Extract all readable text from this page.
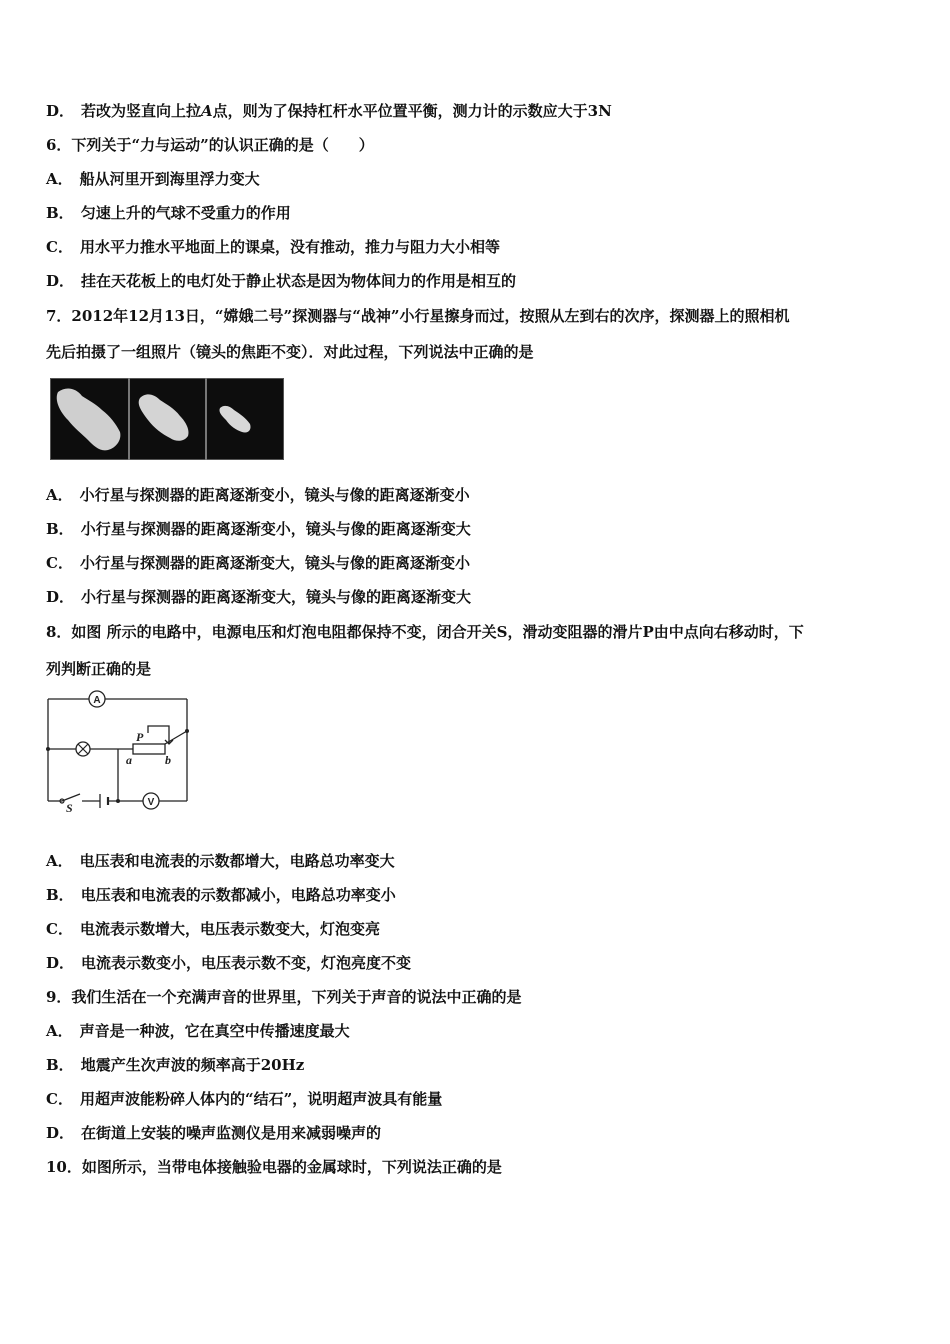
D． 若改为竖直向上拉A点，则为了保持杠杆水平位置平衡，测力计的示数应大于3N
6．下列关于“力与运动”的认识正确的是（　　）
A． 船从河里开到海里浮力变大
B． 匀速上升的气球不受重力的作用
C． 用水平力推水平地面上的课桌，没有推动，推力与阻力大小相等
D． 挂在天花板上的电灯处于静止状态是因为物体间力的作用是相互的
7．2012年12月13日，“嫦娥二号”探测器与“战神”小行星擦身而过，按照从左到右的次序，探测器上的照相机
先后拍摄了一组照片（镜头的焦距不变）．对此过程，下列说法中正确的是
A． 小行星与探测器的距离逐渐变小，镜头与像的距离逐渐变小
B． 小行星与探测器的距离逐渐变小，镜头与像的距离逐渐变大
C． 小行星与探测器的距离逐渐变大，镜头与像的距离逐渐变小
D． 小行星与探测器的距离逐渐变大，镜头与像的距离逐渐变大
8．如图 所示的电路中，电源电压和灯泡电阻都保持不变，闭合开关S，滑动变阻器的滑片P由中点向右移动时，下
列判断正确的是
A
V
P
a	b
S
A． 电压表和电流表的示数都增大，电路总功率变大
B． 电压表和电流表的示数都减小，电路总功率变小
C． 电流表示数增大，电压表示数变大，灯泡变亮
D． 电流表示数变小，电压表示数不变，灯泡亮度不变
9．我们生活在一个充满声音的世界里，下列关于声音的说法中正确的是
A． 声音是一种波，它在真空中传播速度最大
B． 地震产生次声波的频率高于20Hz
C． 用超声波能粉碎人体内的“结石”，说明超声波具有能量
D． 在街道上安装的噪声监测仪是用来减弱噪声的
10．如图所示，当带电体接触验电器的金属球时，下列说法正确的是
